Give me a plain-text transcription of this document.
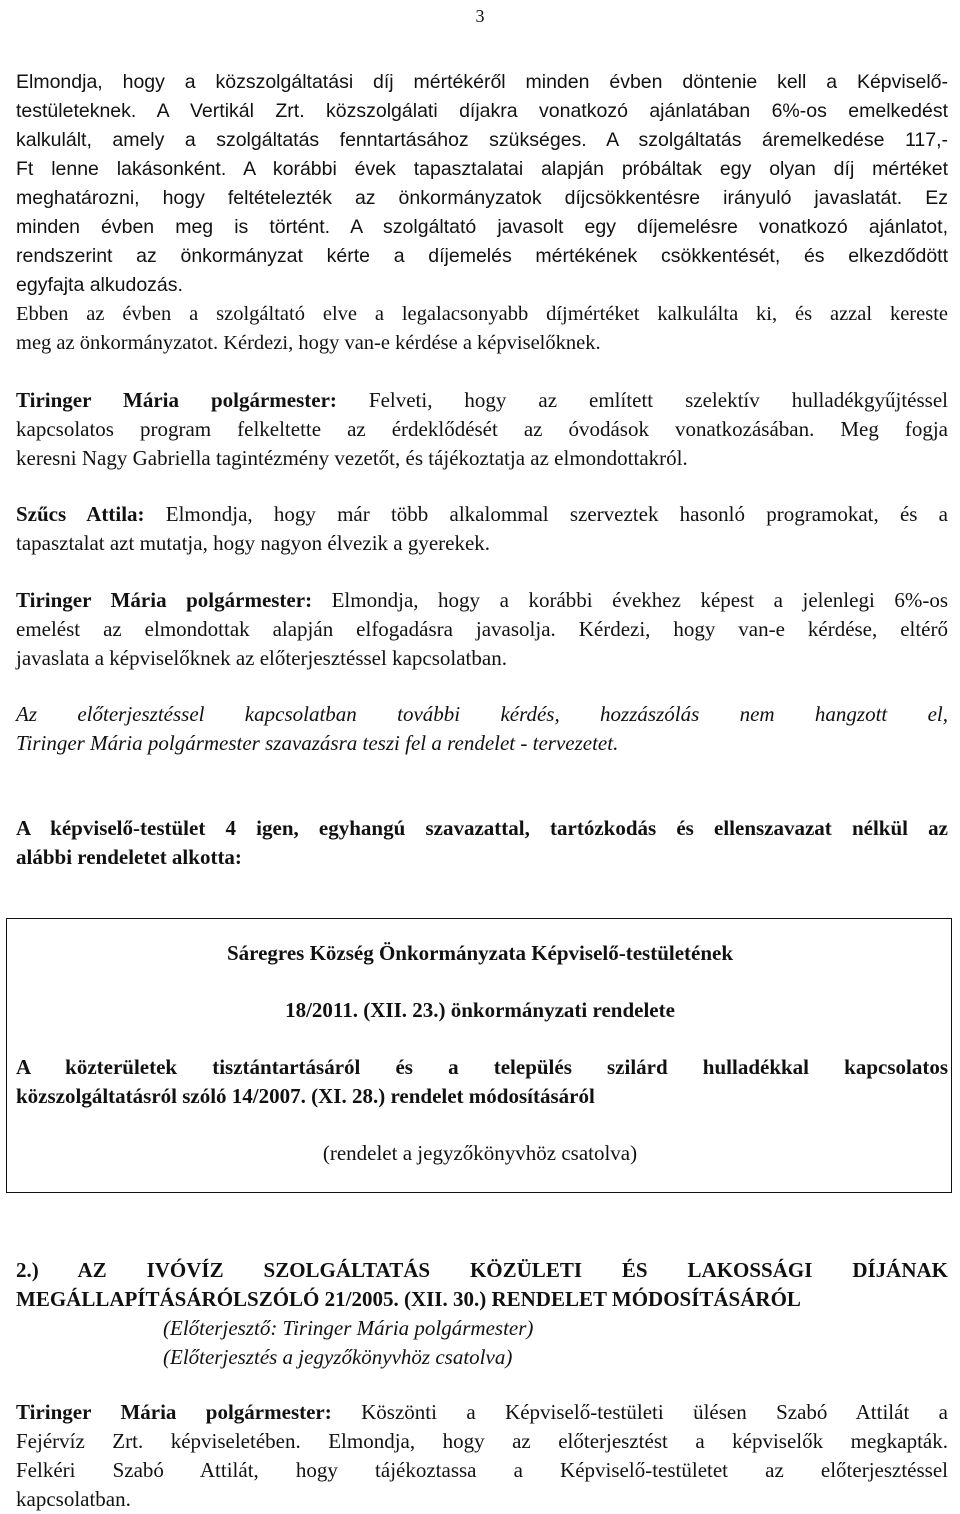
3
Elmondja, hogy a közszolgáltatási díj mértékéről minden évben döntenie kell a Képviselő-
testületeknek. A Vertikál Zrt. közszolgálati díjakra vonatkozó ajánlatában 6%-os emelkedést
kalkulált, amely a szolgáltatás fenntartásához szükséges. A szolgáltatás áremelkedése 117,-
Ft lenne lakásonként. A korábbi évek tapasztalatai alapján próbáltak egy olyan díj mértéket
meghatározni, hogy feltételezték az önkormányzatok díjcsökkentésre irányuló javaslatát. Ez
minden évben meg is történt. A szolgáltató javasolt egy díjemelésre vonatkozó ajánlatot,
rendszerint az önkormányzat kérte a díjemelés mértékének csökkentését, és elkezdődött
egyfajta alkudozás.
Ebben az évben a szolgáltató elve a legalacsonyabb díjmértéket kalkulálta ki, és azzal kereste
meg az önkormányzatot. Kérdezi, hogy van-e kérdése a képviselőknek.
Tiringer Mária polgármester: Felveti, hogy az említett szelektív hulladékgyűjtéssel
kapcsolatos program felkeltette az érdeklődését az óvodások vonatkozásában. Meg fogja
keresni Nagy Gabriella tagintézmény vezetőt, és tájékoztatja az elmondottakról.
Szűcs Attila: Elmondja, hogy már több alkalommal szerveztek hasonló programokat, és a
tapasztalat azt mutatja, hogy nagyon élvezik a gyerekek.
Tiringer Mária polgármester: Elmondja, hogy a korábbi évekhez képest a jelenlegi 6%-os
emelést az elmondottak alapján elfogadásra javasolja. Kérdezi, hogy van-e kérdése, eltérő
javaslata a képviselőknek az előterjesztéssel kapcsolatban.
Az előterjesztéssel kapcsolatban további kérdés, hozzászólás nem hangzott el,
Tiringer Mária polgármester szavazásra teszi fel a rendelet - tervezetet.
A képviselő-testület 4 igen, egyhangú szavazattal, tartózkodás és ellenszavazat nélkül az
alábbi rendeletet alkotta:
Sáregres Község Önkormányzata Képviselő-testületének
18/2011. (XII. 23.) önkormányzati rendelete
A közterületek tisztántartásáról és a település szilárd hulladékkal kapcsolatos
közszolgáltatásról szóló 14/2007. (XI. 28.) rendelet módosításáról
(rendelet a jegyzőkönyvhöz csatolva)
2.) AZ IVÓVÍZ SZOLGÁLTATÁS KÖZÜLETI ÉS LAKOSSÁGI DÍJÁNAK
MEGÁLLAPÍTÁSÁRÓLSZÓLÓ 21/2005. (XII. 30.) RENDELET MÓDOSÍTÁSÁRÓL
(Előterjesztő: Tiringer Mária polgármester)
(Előterjesztés a jegyzőkönyvhöz csatolva)
Tiringer Mária polgármester: Köszönti a Képviselő-testületi ülésen Szabó Attilát a
Fejérvíz Zrt. képviseletében. Elmondja, hogy az előterjesztést a képviselők megkapták.
Felkéri Szabó Attilát, hogy tájékoztassa a Képviselő-testületet az előterjesztéssel
kapcsolatban.
